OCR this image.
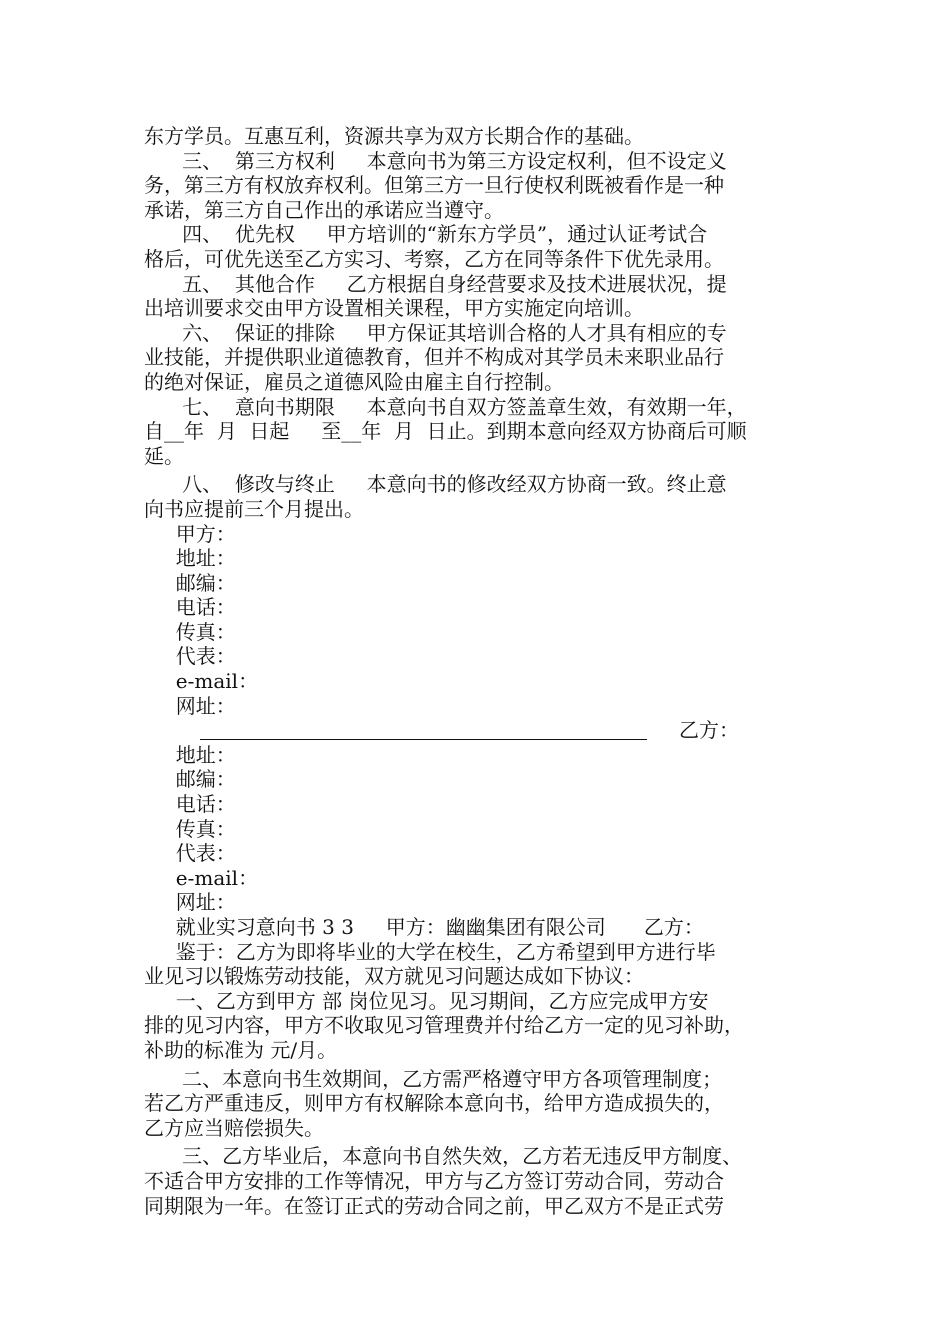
东方学员。互惠互利，资源共享为双方长期合作的基础。
三、  第三方权利     本意向书为第三方设定权利，但不设定义
务，第三方有权放弃权利。但第三方一旦行使权利既被看作是一种
承诺，第三方自己作出的承诺应当遵守。
四、  优先权     甲方培训的“新东方学员”，通过认证考试合
格后，可优先送至乙方实习、考察，乙方在同等条件下优先录用。
五、  其他合作     乙方根据自身经营要求及技术进展状况，提
出培训要求交由甲方设置相关课程，甲方实施定向培训。
六、  保证的排除     甲方保证其培训合格的人才具有相应的专
业技能，并提供职业道德教育，但并不构成对其学员未来职业品行
的绝对保证，雇员之道德风险由雇主自行控制。
七、  意向书期限     本意向书自双方签盖章生效，有效期一年，
自__年  月  日起     至__年  月  日止。到期本意向经双方协商后可顺
延。
八、  修改与终止     本意向书的修改经双方协商一致。终止意
向书应提前三个月提出。
甲方：
地址：
邮编：
电话：
传真：
代表：
e-mail：
网址：
乙方：
地址：
邮编：
电话：
传真：
代表：
e-mail：
网址：
就业实习意向书 3 3     甲方：幽幽集团有限公司      乙方：
鉴于：乙方为即将毕业的大学在校生，乙方希望到甲方进行毕
业见习以锻炼劳动技能，双方就见习问题达成如下协议：
一、乙方到甲方 部 岗位见习。见习期间，乙方应完成甲方安
排的见习内容，甲方不收取见习管理费并付给乙方一定的见习补助，
补助的标准为 元/月。
二、本意向书生效期间，乙方需严格遵守甲方各项管理制度；
若乙方严重违反，则甲方有权解除本意向书，给甲方造成损失的，
乙方应当赔偿损失。
三、乙方毕业后，本意向书自然失效，乙方若无违反甲方制度、
不适合甲方安排的工作等情况，甲方与乙方签订劳动合同，劳动合
同期限为一年。在签订正式的劳动合同之前，甲乙双方不是正式劳
